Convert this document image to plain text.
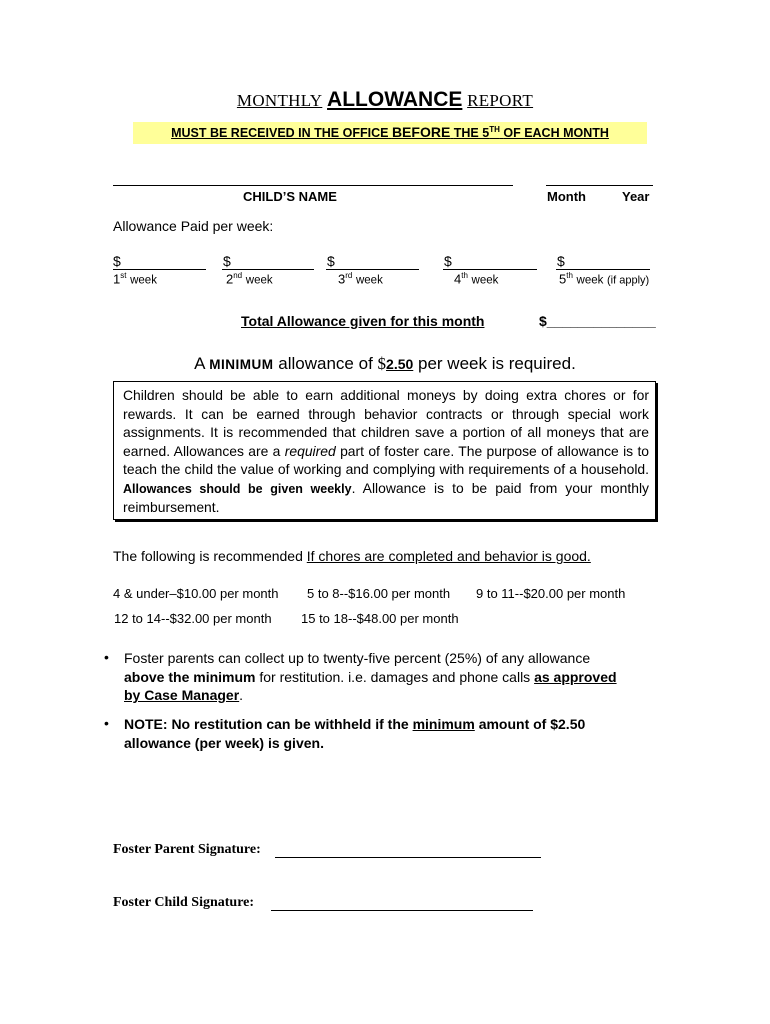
MONTHLY ALLOWANCE REPORT
MUST BE RECEIVED IN THE OFFICE BEFORE THE 5TH OF EACH MONTH
CHILD’S NAME	Month	Year
Allowance Paid per week:
$
1st week
$
2nd week
$
3rd week
$
4th week
$
5th week (if apply)
Total Allowance given for this month	$______________
A MINIMUM allowance of $2.50 per week is required.
Children should be able to earn additional moneys by doing extra chores or for rewards. It can be earned through behavior contracts or through special work assignments. It is recommended that children save a portion of all moneys that are earned. Allowances are a required part of foster care. The purpose of allowance is to teach the child the value of working and complying with requirements of a household. Allowances should be given weekly. Allowance is to be paid from your monthly reimbursement.
The following is recommended If chores are completed and behavior is good.
4 & under–$10.00 per month 5 to 8--$16.00 per month 9 to 11--$20.00 per month
12 to 14--$32.00 per month 15 to 18--$48.00 per month
• Foster parents can collect up to twenty-five percent (25%) of any allowance
above the minimum for restitution. i.e. damages and phone calls as approved
by Case Manager.
• NOTE: No restitution can be withheld if the minimum amount of $2.50 allowance (per week) is given.
Foster Parent Signature:
Foster Child Signature:
